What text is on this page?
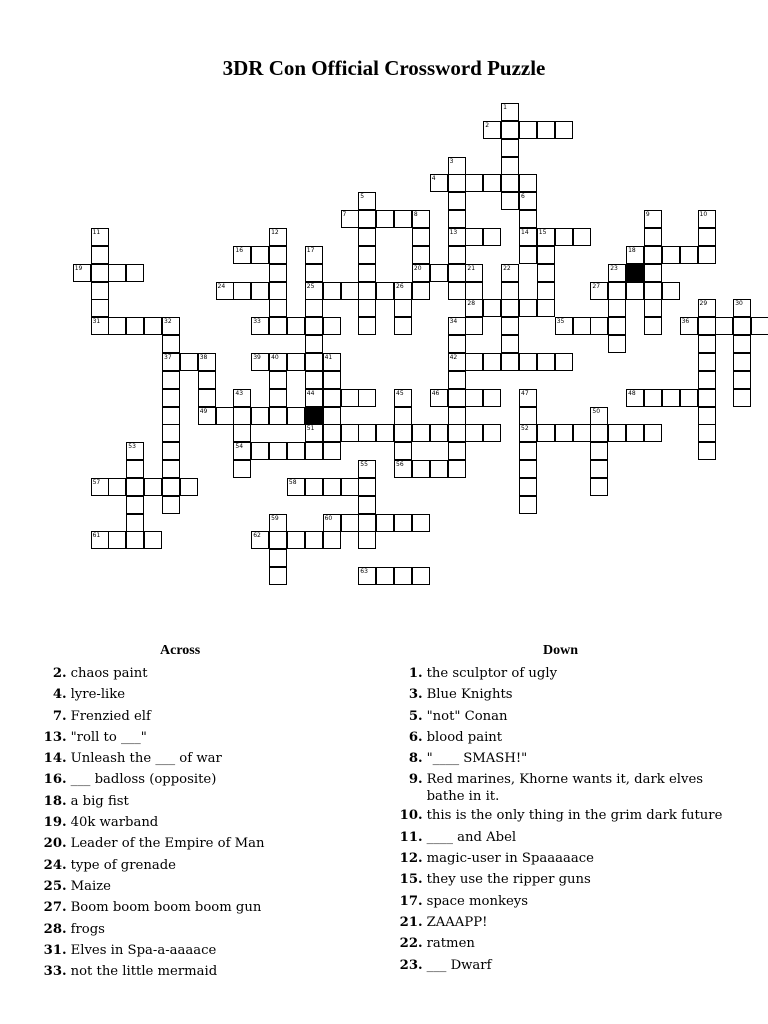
3DR Con Official Crossword Puzzle
1
2
3
13
4
5	6
14
7	8
20
9	10
11
31
12	15
16	17
25
44
51
18
19	21
28
22	23
24	26	27
29	30
32
37
33	34
42
35	36
38
49
39 40	41
43
54
45	46	47
52
48
50
53
55	56
57	58
59	60
61	62
63
Across	Down
2 . chaos paint
4 . lyre-like
7 . Frenzied elf
13 . "roll to ___"
14 . Unleash the ___ of war
16 . ___ badloss (opposite)
18 . a big fist
19 . 40k warband
20 . Leader of the Empire of Man
24 . type of grenade
25 . Maize
27 . Boom boom boom boom gun
28 . frogs
31 . Elves in Spa-a-aaaace
33 . not the little mermaid
1 . the sculptor of ugly
3 . Blue Knights
5 . "not" Conan
6 . blood paint
8 . "____ SMASH!"
9 . Red marines, Khorne wants it, dark elves bathe in it.
10 . this is the only thing in the grim dark future
11 . ____ and Abel
12 . magic-user in Spaaaaace
15 . they use the ripper guns
17 . space monkeys
21 . ZAAAPP!
22 . ratmen
23 . ___ Dwarf
